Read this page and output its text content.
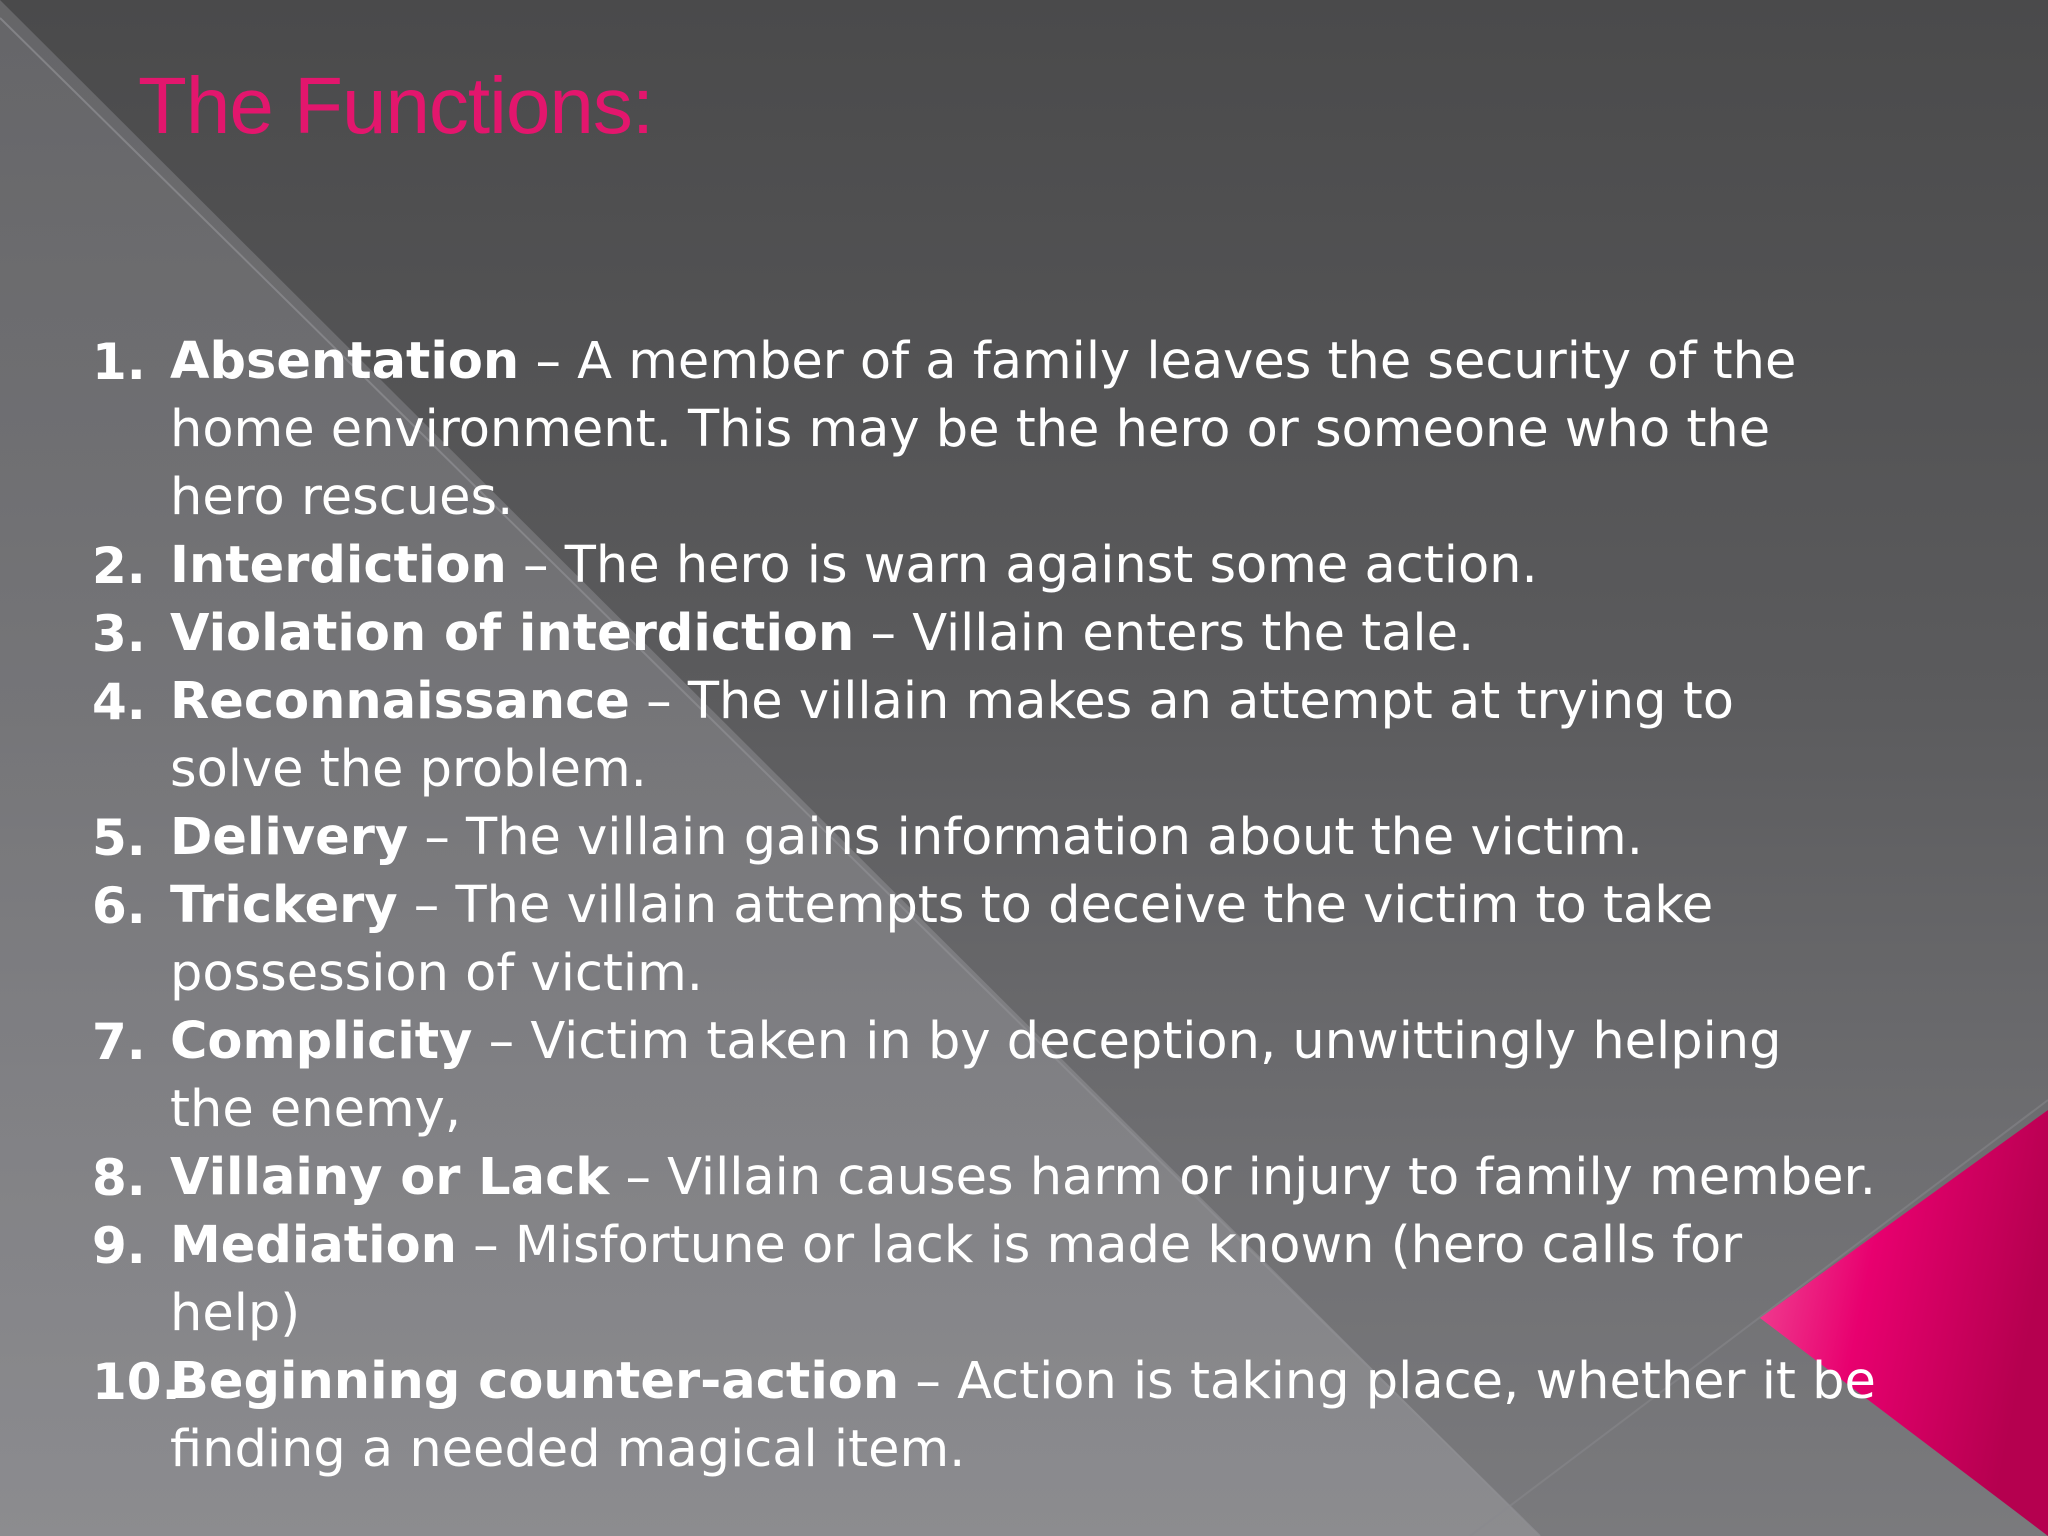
The Functions:
1. Absentation – A member of a family leaves the security of the
home environment. This may be the hero or someone who the
hero rescues.
2. Interdiction – The hero is warn against some action.
3. Violation of interdiction – Villain enters the tale.
4. Reconnaissance – The villain makes an attempt at trying to
solve the problem.
5. Delivery – The villain gains information about the victim.
6. Trickery – The villain attempts to deceive the victim to take
possession of victim.
7. Complicity – Victim taken in by deception, unwittingly helping
the enemy,
8. Villainy or Lack – Villain causes harm or injury to family member.
9. Mediation – Misfortune or lack is made known (hero calls for
help)
10.
Beginning counter-action – Action is taking place, whether it be
finding a needed magical item.
